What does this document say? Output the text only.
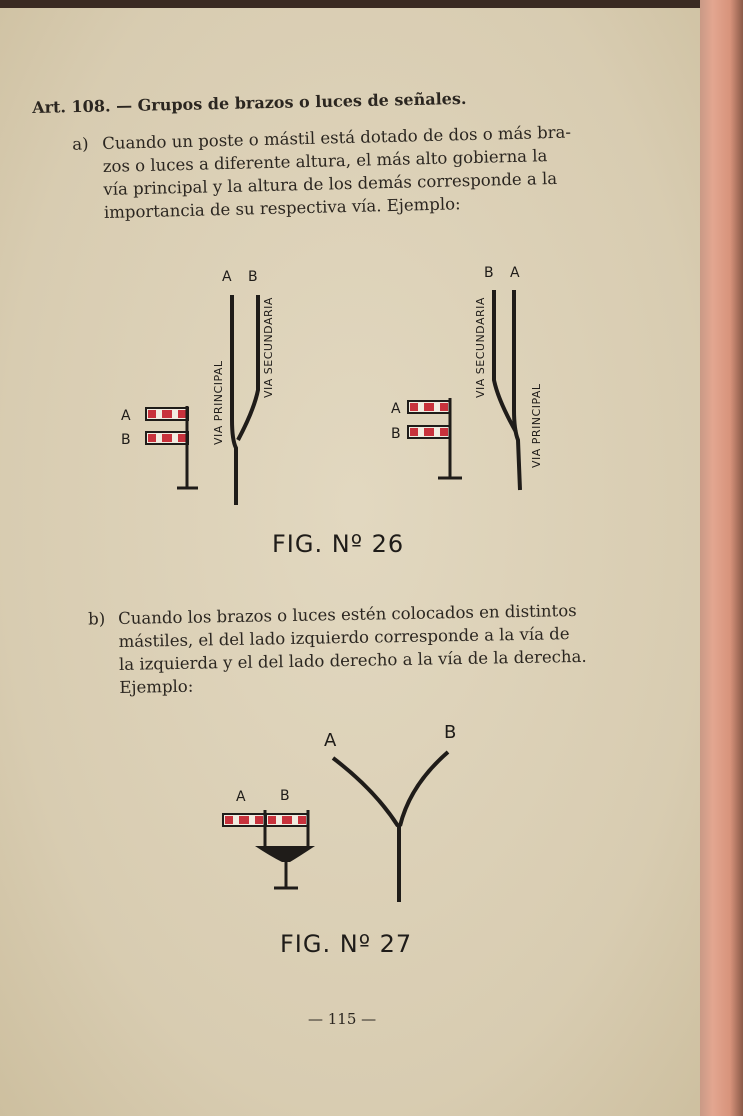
Art. 108. — Grupos de brazos o luces de señales.
a) Cuando un poste o mástil está dotado de dos o más bra-
zos o luces a diferente altura, el más alto gobierna la
vía principal y la altura de los demás corresponde a la
importancia de su respectiva vía. Ejemplo:
A B
VIA PRINCIPAL
VIA SECUNDARIA
A
B
B A
VIA SECUNDARIA
VIA PRINCIPAL
A
B
A B
A	B
FIG. Nº 26
b) Cuando los brazos o luces estén colocados en distintos
mástiles, el del lado izquierdo corresponde a la vía de
la izquierda y el del lado derecho a la vía de la derecha.
Ejemplo:
FIG. Nº 27
— 115 —
